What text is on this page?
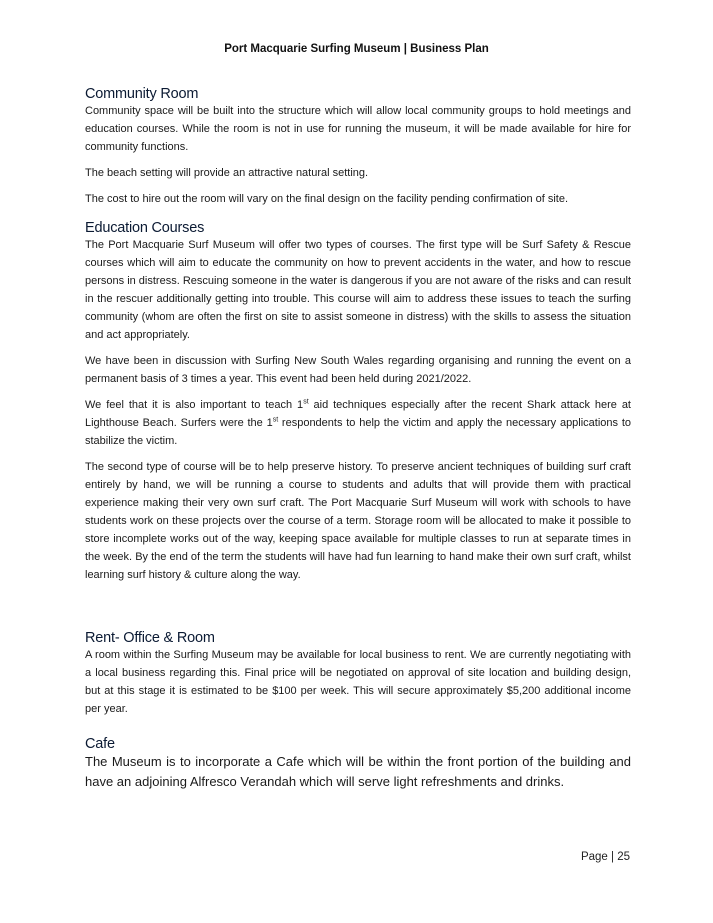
Port Macquarie Surfing Museum | Business Plan
Community Room

Community space will be built into the structure which will allow local community groups to hold meetings and education courses. While the room is not in use for running the museum, it will be made available for hire for community functions.

The beach setting will provide an attractive natural setting.

The cost to hire out the room will vary on the final design on the facility pending confirmation of site.

Education Courses

The Port Macquarie Surf Museum will offer two types of courses. The first type will be Surf Safety & Rescue courses which will aim to educate the community on how to prevent accidents in the water, and how to rescue persons in distress. Rescuing someone in the water is dangerous if you are not aware of the risks and can result in the rescuer additionally getting into trouble. This course will aim to address these issues to teach the surfing community (whom are often the first on site to assist someone in distress) with the skills to assess the situation and act appropriately.

We have been in discussion with Surfing New South Wales regarding organising and running the event on a permanent basis of 3 times a year. This event had been held during 2021/2022.

We feel that it is also important to teach 1st aid techniques especially after the recent Shark attack here at Lighthouse Beach. Surfers were the 1st respondents to help the victim and apply the necessary applications to stabilize the victim.

The second type of course will be to help preserve history. To preserve ancient techniques of building surf craft entirely by hand, we will be running a course to students and adults that will provide them with practical experience making their very own surf craft. The Port Macquarie Surf Museum will work with schools to have students work on these projects over the course of a term. Storage room will be allocated to make it possible to store incomplete works out of the way, keeping space available for multiple classes to run at separate times in the week. By the end of the term the students will have had fun learning to hand make their own surf craft, whilst learning surf history & culture along the way.

Rent- Office & Room

A room within the Surfing Museum may be available for local business to rent. We are currently negotiating with a local business regarding this. Final price will be negotiated on approval of site location and building design, but at this stage it is estimated to be $100 per week. This will secure approximately $5,200 additional income per year.

Cafe

The Museum is to incorporate a Cafe which will be within the front portion of the building and have an adjoining Alfresco Verandah which will serve light refreshments and drinks.

Page | 25
